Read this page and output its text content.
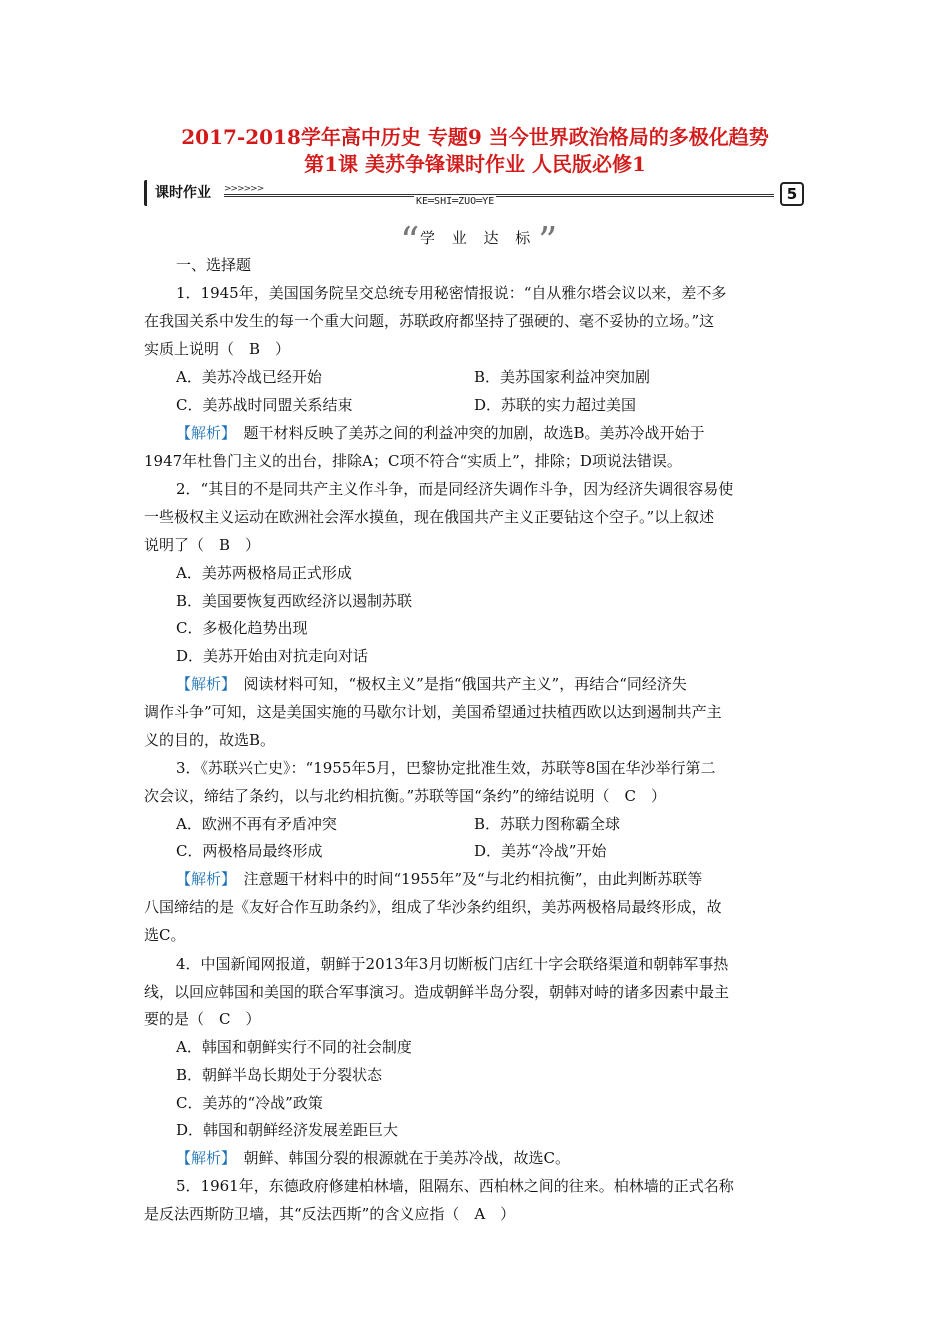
2017-2018学年高中历史 专题9 当今世界政治格局的多极化趋势
第1课 美苏争锋课时作业 人民版必修1
课时作业	>>>>>>
KE═SHI═ZUO═YE	5
“ 学 业 达 标 ”
一、选择题
1．1945年，美国国务院呈交总统专用秘密情报说：“自从雅尔塔会议以来，差不多
在我国关系中发生的每一个重大问题，苏联政府都坚持了强硬的、毫不妥协的立场。”这
实质上说明（　B　）
A．美苏冷战已经开始	B．美苏国家利益冲突加剧
C．美苏战时同盟关系结束	D．苏联的实力超过美国
【解析】　题干材料反映了美苏之间的利益冲突的加剧，故选B。美苏冷战开始于
1947年杜鲁门主义的出台，排除A；C项不符合“实质上”，排除；D项说法错误。
2．“其目的不是同共产主义作斗争，而是同经济失调作斗争，因为经济失调很容易使
一些极权主义运动在欧洲社会浑水摸鱼，现在俄国共产主义正要钻这个空子。”以上叙述
说明了（　B　）
A．美苏两极格局正式形成
B．美国要恢复西欧经济以遏制苏联
C．多极化趋势出现
D．美苏开始由对抗走向对话
【解析】　阅读材料可知，“极权主义”是指“俄国共产主义”，再结合“同经济失
调作斗争”可知，这是美国实施的马歇尔计划，美国希望通过扶植西欧以达到遏制共产主
义的目的，故选B。
3．《苏联兴亡史》：“1955年5月，巴黎协定批准生效，苏联等8国在华沙举行第二
次会议，缔结了条约，以与北约相抗衡。”苏联等国“条约”的缔结说明（　C　）
A．欧洲不再有矛盾冲突	B．苏联力图称霸全球
C．两极格局最终形成	D．美苏“冷战”开始
【解析】　注意题干材料中的时间“1955年”及“与北约相抗衡”，由此判断苏联等
八国缔结的是《友好合作互助条约》，组成了华沙条约组织，美苏两极格局最终形成，故
选C。
4．中国新闻网报道，朝鲜于2013年3月切断板门店红十字会联络渠道和朝韩军事热
线，以回应韩国和美国的联合军事演习。造成朝鲜半岛分裂，朝韩对峙的诸多因素中最主
要的是（　C　）
A．韩国和朝鲜实行不同的社会制度
B．朝鲜半岛长期处于分裂状态
C．美苏的“冷战”政策
D．韩国和朝鲜经济发展差距巨大
【解析】　朝鲜、韩国分裂的根源就在于美苏冷战，故选C。
5．1961年，东德政府修建柏林墙，阻隔东、西柏林之间的往来。柏林墙的正式名称
是反法西斯防卫墙，其“反法西斯”的含义应指（　A　）
